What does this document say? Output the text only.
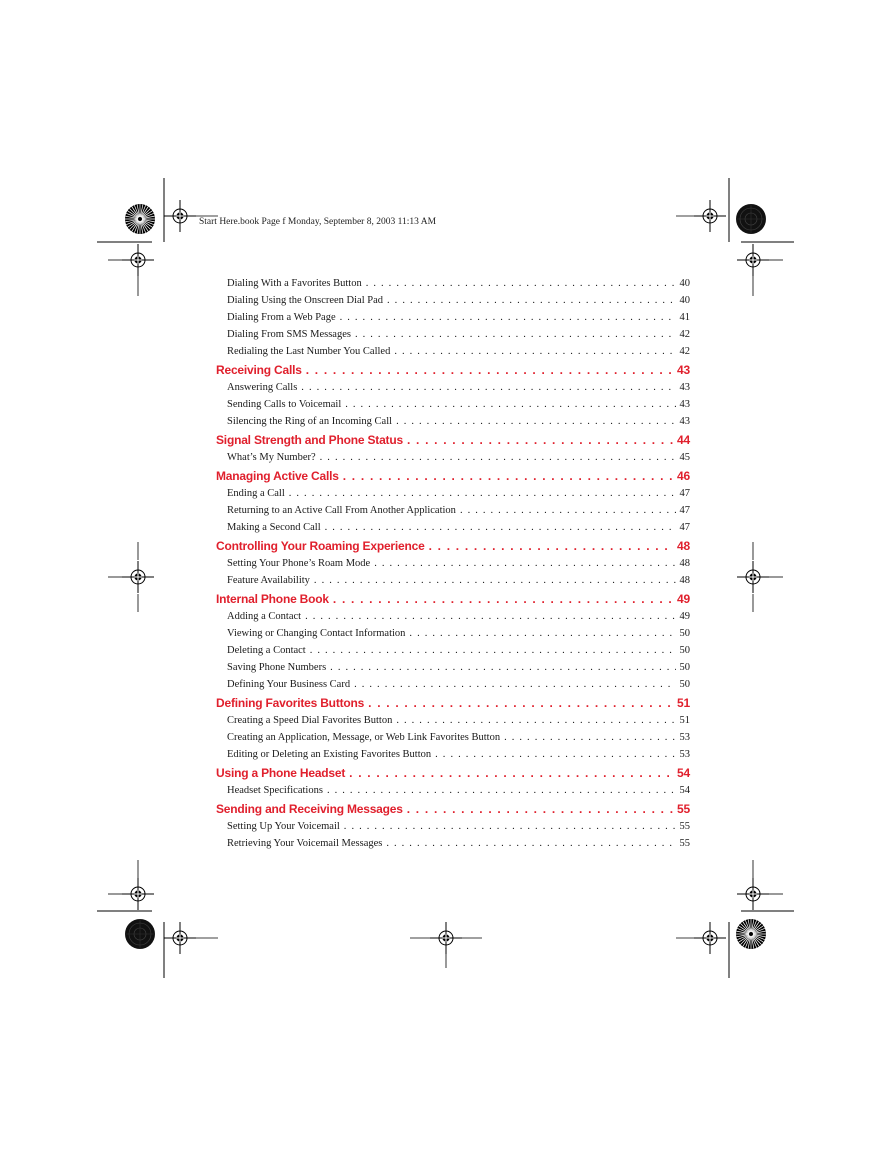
Start Here.book Page f Monday, September 8, 2003 11:13 AM
Dialing With a Favorites Button . . .	40
Dialing Using the Onscreen Dial Pad . . .	40
Dialing From a Web Page . . .	41
Dialing From SMS Messages . . .	42
Redialing the Last Number You Called . . .	42
Receiving Calls . . .	43
Answering Calls . . .	43
Sending Calls to Voicemail . . .	43
Silencing the Ring of an Incoming Call . . .	43
Signal Strength and Phone Status . . .	44
What’s My Number? . . .	45
Managing Active Calls . . .	46
Ending a Call . . .	47
Returning to an Active Call From Another Application . . .	47
Making a Second Call . . .	47
Controlling Your Roaming Experience . . .	48
Setting Your Phone’s Roam Mode . . .	48
Feature Availability . . .	48
Internal Phone Book . . .	49
Adding a Contact . . .	49
Viewing or Changing Contact Information . . .	50
Deleting a Contact . . .	50
Saving Phone Numbers . . .	50
Defining Your Business Card . . .	50
Defining Favorites Buttons . . .	51
Creating a Speed Dial Favorites Button . . .	51
Creating an Application, Message, or Web Link Favorites Button . . .	53
Editing or Deleting an Existing Favorites Button . . .	53
Using a Phone Headset . . .	54
Headset Specifications . . .	54
Sending and Receiving Messages . . .	55
Setting Up Your Voicemail . . .	55
Retrieving Your Voicemail Messages . . .	55
